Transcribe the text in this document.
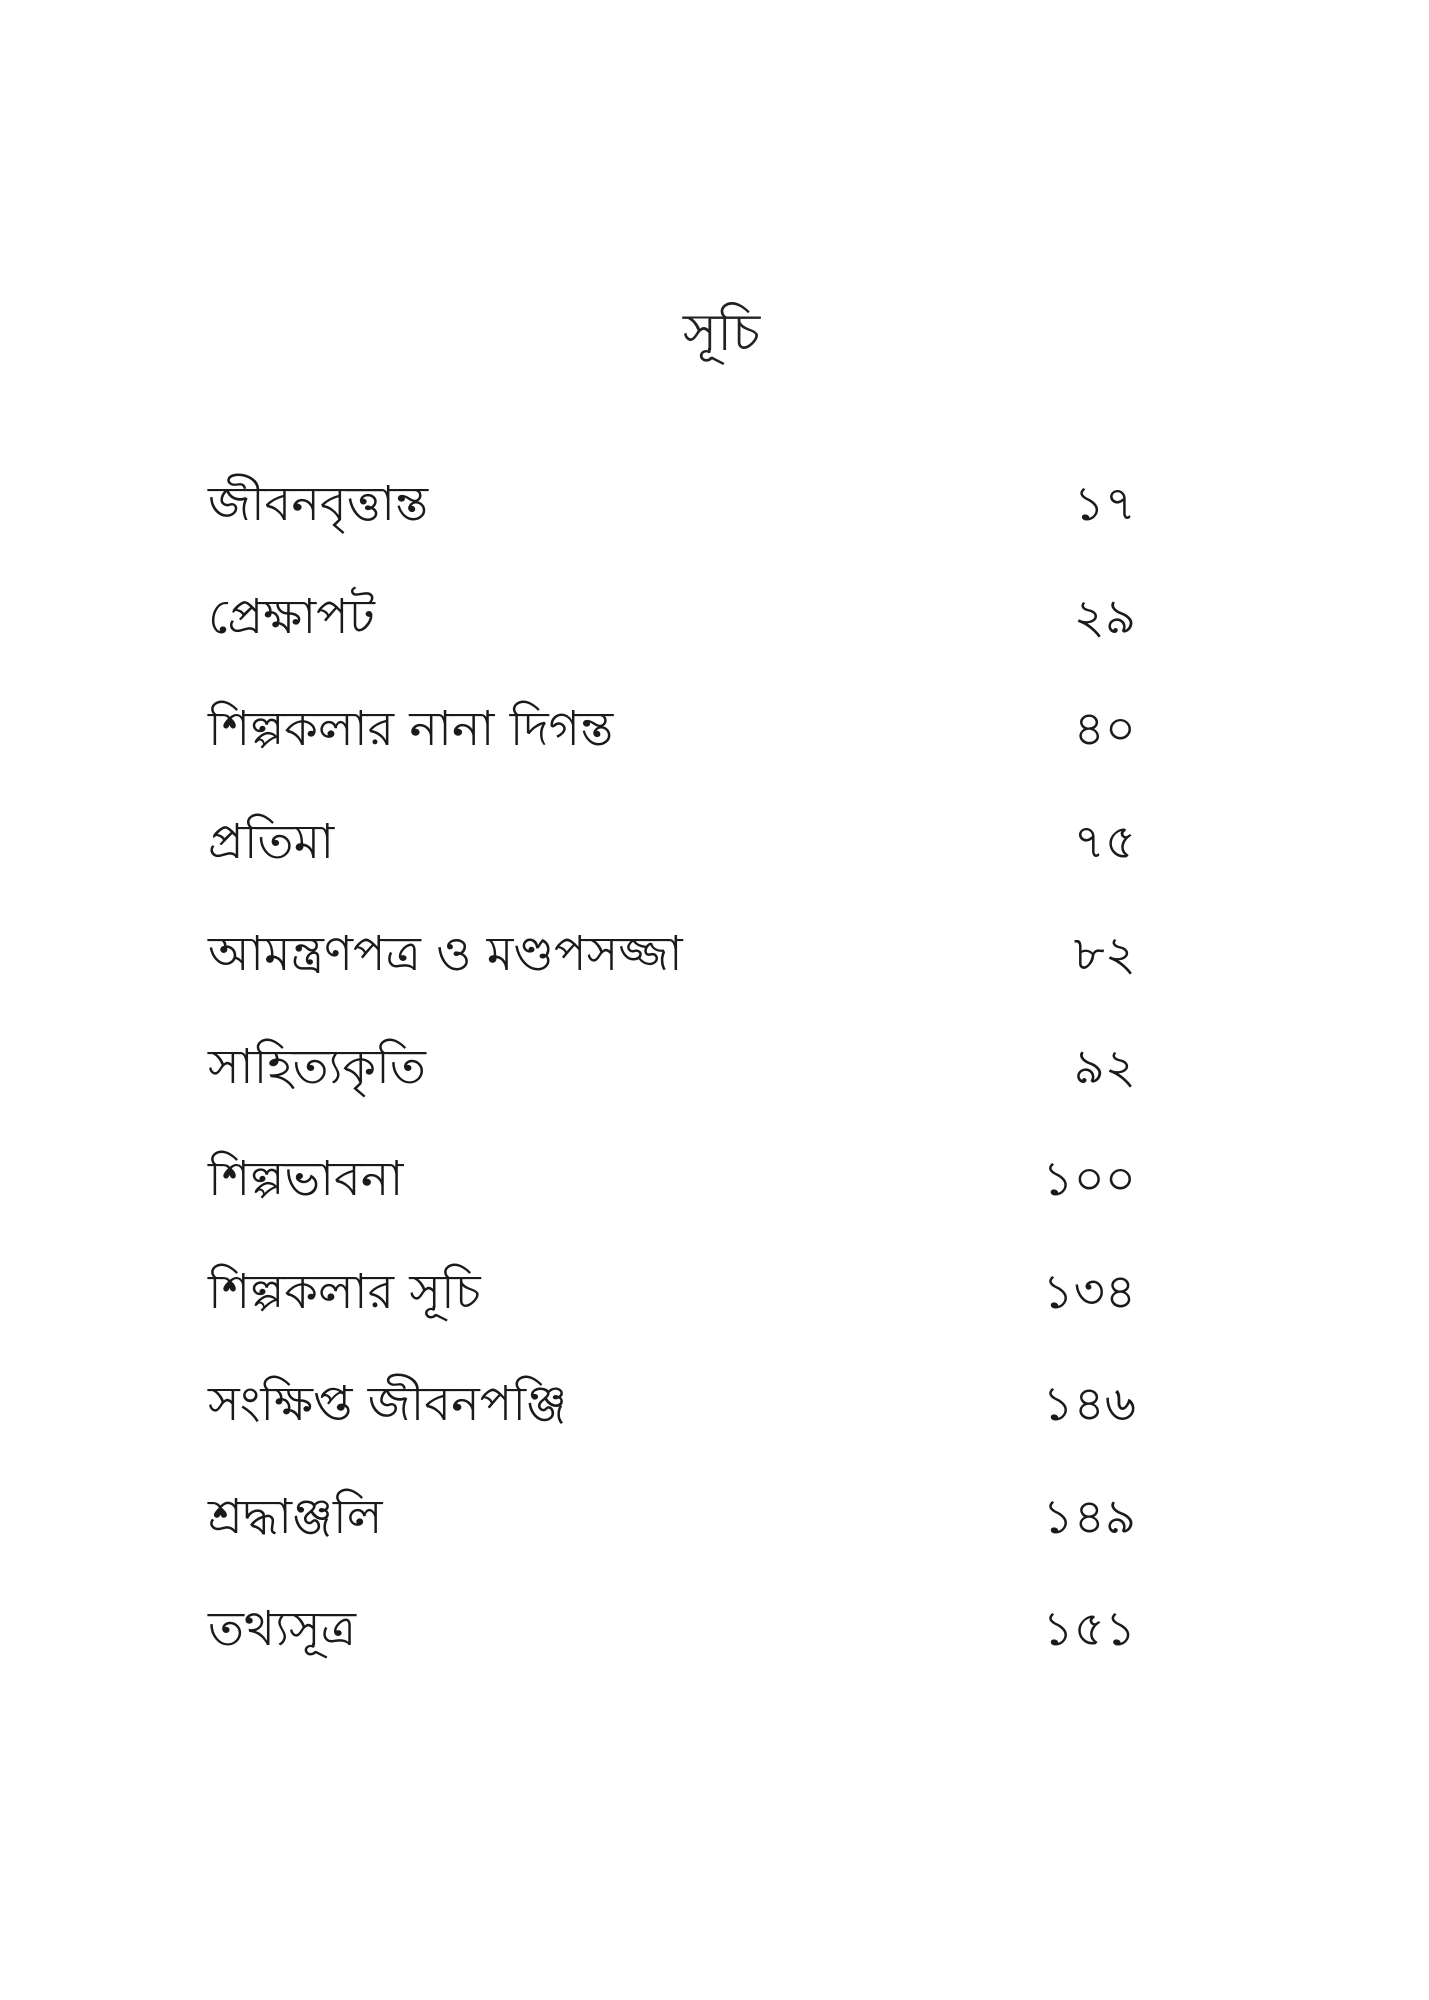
সূচি
জীবনবৃত্তান্ত	১৭
প্রেক্ষাপট	২৯
শিল্পকলার নানা দিগন্ত	৪০
প্রতিমা	৭৫
আমন্ত্রণপত্র ও মণ্ডপসজ্জা	৮২
সাহিত্যকৃতি	৯২
শিল্পভাবনা	১০০
শিল্পকলার সূচি	১৩৪
সংক্ষিপ্ত জীবনপঞ্জি	১৪৬
শ্রদ্ধাঞ্জলি	১৪৯
তথ্যসূত্র	১৫১
